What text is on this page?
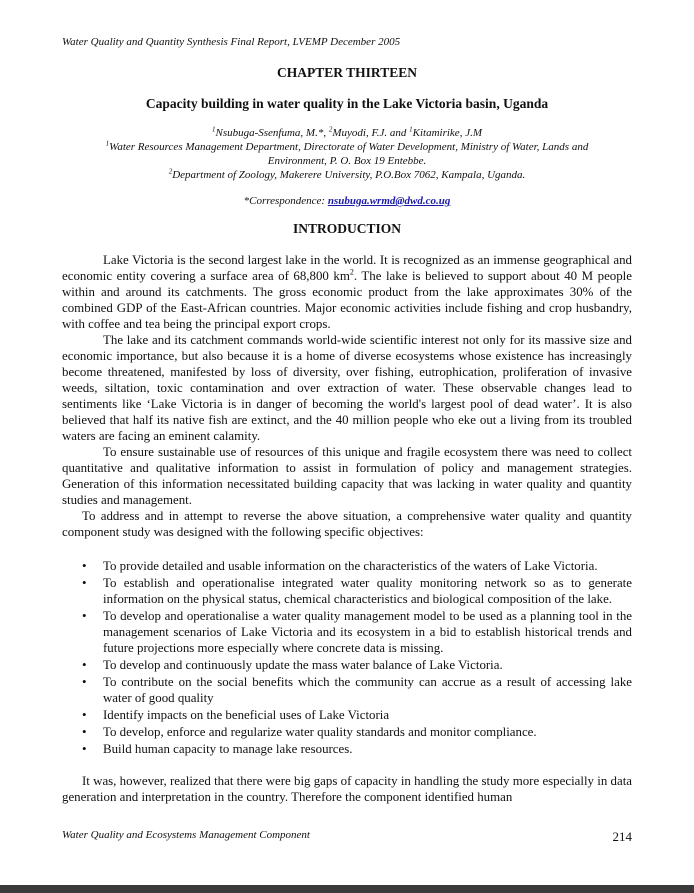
Water Quality and Quantity Synthesis Final Report, LVEMP December 2005
CHAPTER THIRTEEN
Capacity building in water quality in the Lake Victoria basin, Uganda
$^1$Nsubuga-Ssenfuma, M.*, $^2$Muyodi, F.J. and $^1$Kitamirike, J.M
$^1$Water Resources Management Department, Directorate of Water Development, Ministry of Water, Lands and Environment, P. O. Box 19 Entebbe.
$^2$Department of Zoology, Makerere University, P.O.Box 7062, Kampala, Uganda.
*Correspondence: nsubuga.wrmd@dwd.co.ug
INTRODUCTION

Lake Victoria is the second largest lake in the world. It is recognized as an immense geographical and economic entity covering a surface area of 68,800 $km^2$. The lake is believed to support about 40 M people within and around its catchments. The gross economic product from the lake approximates 30% of the combined GDP of the East-African countries. Major economic activities include fishing and crop husbandry, with coffee and tea being the principal export crops.

The lake and its catchment commands world-wide scientific interest not only for its massive size and economic importance, but also because it is a home of diverse ecosystems whose existence has increasingly become threatened, manifested by loss of diversity, over fishing, eutrophication, proliferation of invasive weeds, siltation, toxic contamination and over extraction of water. These observable changes lead to sentiments like ‘Lake Victoria is in danger of becoming the world's largest pool of dead water’. It is also believed that half its native fish are extinct, and the 40 million people who eke out a living from its troubled waters are facing an eminent calamity.

To ensure sustainable use of resources of this unique and fragile ecosystem there was need to collect quantitative and qualitative information to assist in formulation of policy and management strategies. Generation of this information necessitated building capacity that was lacking in water quality and quantity studies and management.

To address and in attempt to reverse the above situation, a comprehensive water quality and quantity component study was designed with the following specific objectives:

• To provide detailed and usable information on the characteristics of the waters of Lake Victoria.
• To establish and operationalise integrated water quality monitoring network so as to generate information on the physical status, chemical characteristics and biological composition of the lake.
• To develop and operationalise a water quality management model to be used as a planning tool in the management scenarios of Lake Victoria and its ecosystem in a bid to establish historical trends and future projections more especially where concrete data is missing.
• To develop and continuously update the mass water balance of Lake Victoria.
• To contribute on the social benefits which the community can accrue as a result of accessing lake water of good quality
• Identify impacts on the beneficial uses of Lake Victoria
• To develop, enforce and regularize water quality standards and monitor compliance.
• Build human capacity to manage lake resources.

It was, however, realized that there were big gaps of capacity in handling the study more especially in data generation and interpretation in the country. Therefore the component identified human

Water Quality and Ecosystems Management Component	214
